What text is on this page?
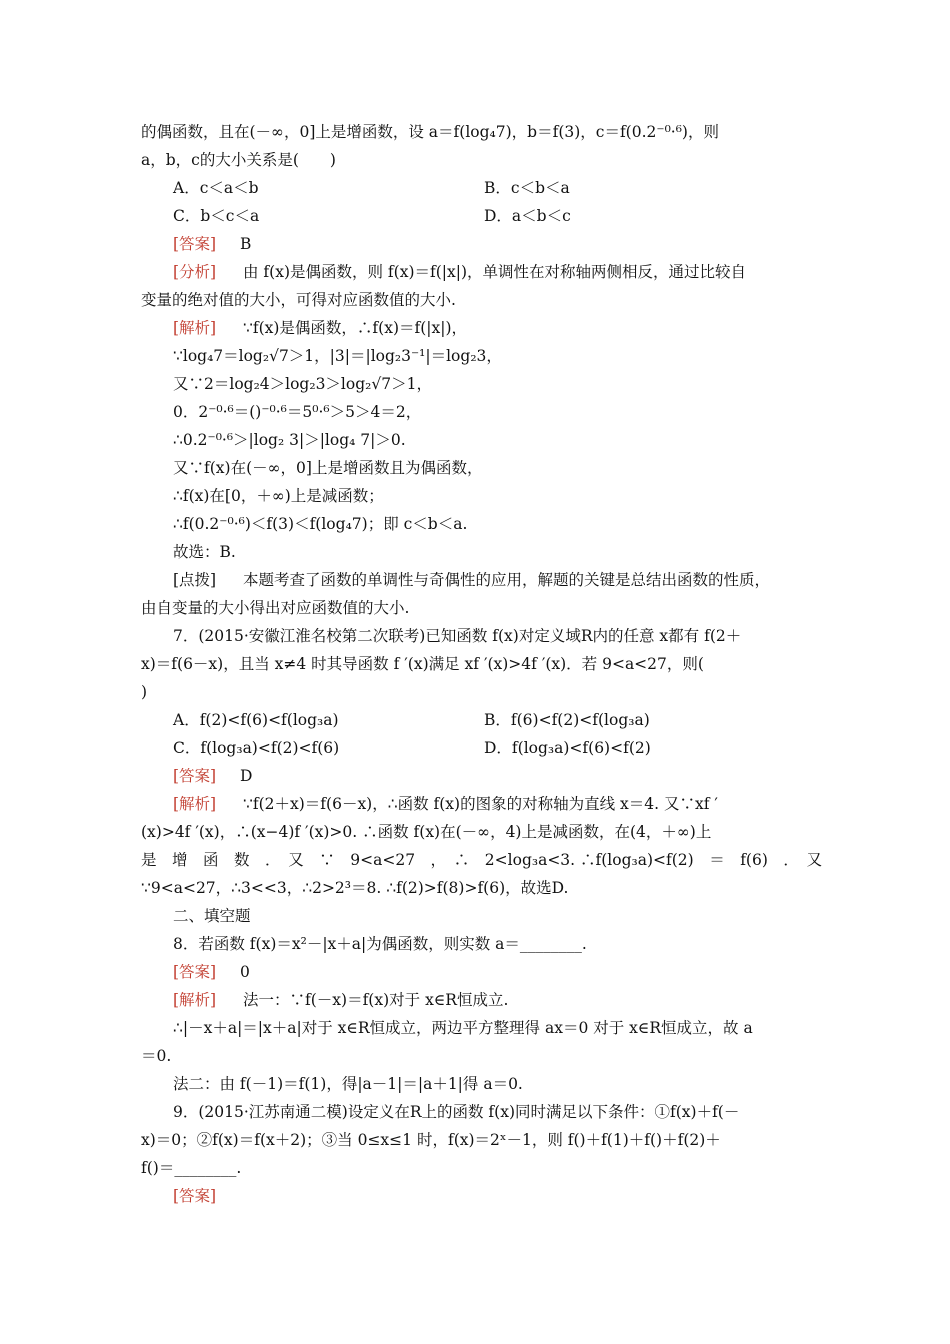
的偶函数，且在(－∞，0]上是增函数，设 a＝f(log₄7)，b＝f(3)，c＝f(0.2⁻⁰·⁶)，则
a，b，c的大小关系是(　　)
A．c＜a＜b	B．c＜b＜a
C．b＜c＜a	D．a＜b＜c
[答案] B
[分析] 由 f(x)是偶函数，则 f(x)＝f(|x|)，单调性在对称轴两侧相反，通过比较自
变量的绝对值的大小，可得对应函数值的大小.
[解析] ∵f(x)是偶函数，∴f(x)＝f(|x|)，
∵log₄7＝log₂√7＞1，|3|＝|log₂3⁻¹|＝log₂3，
又∵2＝log₂4＞log₂3＞log₂√7＞1，
0．2⁻⁰·⁶＝()⁻⁰·⁶＝5⁰·⁶＞5＞4＝2，
∴0.2⁻⁰·⁶＞|log₂ 3|＞|log₄ 7|＞0.
又∵f(x)在(－∞，0]上是增函数且为偶函数，
∴f(x)在[0，＋∞)上是减函数；
∴f(0.2⁻⁰·⁶)＜f(3)＜f(log₄7)；即 c＜b＜a.
故选：B.
[点拨] 本题考查了函数的单调性与奇偶性的应用，解题的关键是总结出函数的性质，
由自变量的大小得出对应函数值的大小.
7．(2015·安徽江淮名校第二次联考)已知函数 f(x)对定义域R内的任意 x都有 f(2＋
x)＝f(6－x)，且当 x≠4 时其导函数 f ′(x)满足 xf ′(x)>4f ′(x)．若 9<a<27，则(
)
A．f(2)<f(6)<f(log₃a)	B．f(6)<f(2)<f(log₃a)
C．f(log₃a)<f(2)<f(6)	D．f(log₃a)<f(6)<f(2)
[答案] D
[解析] ∵f(2＋x)＝f(6－x)，∴函数 f(x)的图象的对称轴为直线 x＝4. 又∵xf ′
(x)>4f ′(x)，∴(x−4)f ′(x)>0. ∴函数 f(x)在(－∞，4)上是减函数，在(4，＋∞)上
是　增　函　数　．　又　∵　9<a<27　，　∴　2<log₃a<3. ∴f(log₃a)<f(2)　＝　f(6)　．　又
∵9<a<27，∴3<<3，∴2>2³＝8. ∴f(2)>f(8)>f(6)，故选D.
二、填空题
8．若函数 f(x)＝x²－|x＋a|为偶函数，则实数 a＝________.
[答案] 0
[解析] 法一：∵f(－x)＝f(x)对于 x∈R恒成立.
∴|－x＋a|＝|x＋a|对于 x∈R恒成立，两边平方整理得 ax＝0 对于 x∈R恒成立，故 a
＝0.
法二：由 f(－1)＝f(1)，得|a－1|＝|a＋1|得 a＝0.
9．(2015·江苏南通二模)设定义在R上的函数 f(x)同时满足以下条件：①f(x)＋f(－
x)＝0；②f(x)＝f(x＋2)；③当 0≤x≤1 时，f(x)＝2ˣ－1，则 f()＋f(1)＋f()＋f(2)＋
f()＝________.
[答案]
